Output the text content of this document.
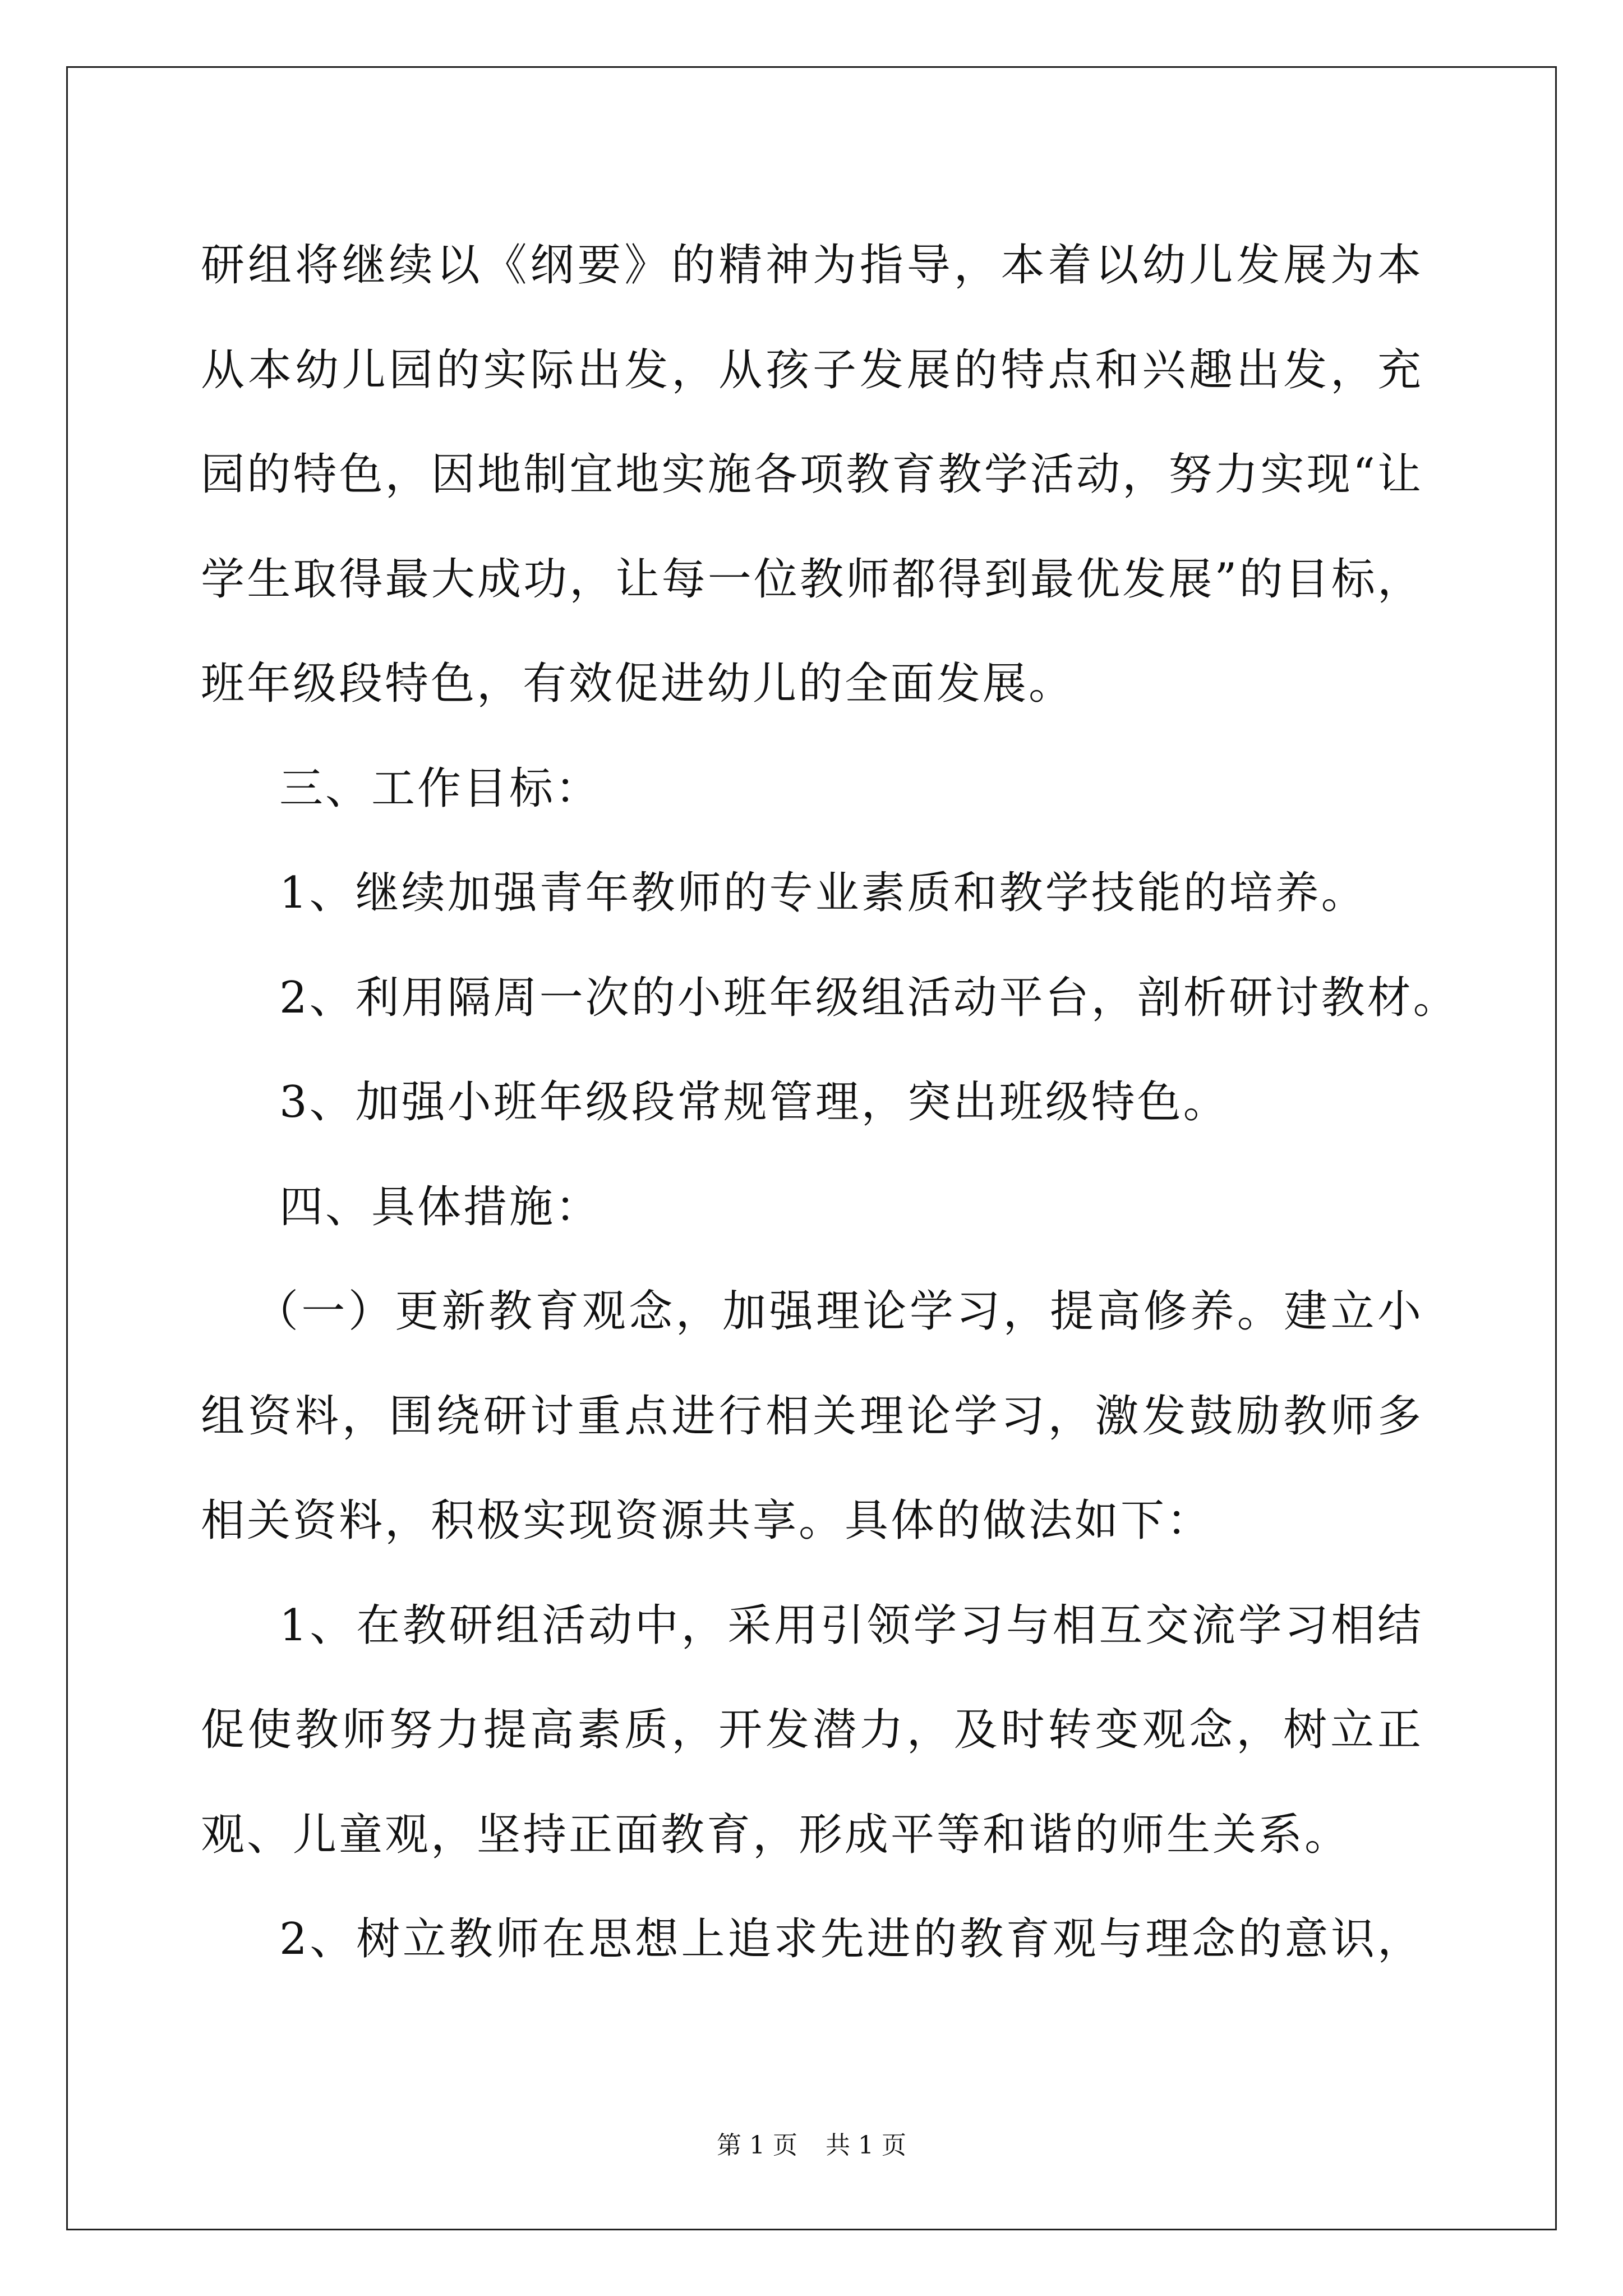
研组将继续以《纲要》的精神为指导，本着以幼儿发展为本
从本幼儿园的实际出发，从孩子发展的特点和兴趣出发，充
园的特色，因地制宜地实施各项教育教学活动，努力实现“让
学生取得最大成功，让每一位教师都得到最优发展”的目标，
班年级段特色，有效促进幼儿的全面发展。
三、工作目标：
1、继续加强青年教师的专业素质和教学技能的培养。
2、利用隔周一次的小班年级组活动平台，剖析研讨教材。
3、加强小班年级段常规管理，突出班级特色。
四、具体措施：
（一）更新教育观念，加强理论学习，提高修养。建立小
组资料，围绕研讨重点进行相关理论学习，激发鼓励教师多
相关资料，积极实现资源共享。具体的做法如下：
1、在教研组活动中，采用引领学习与相互交流学习相结
促使教师努力提高素质，开发潜力，及时转变观念，树立正
观、儿童观，坚持正面教育，形成平等和谐的师生关系。
2、树立教师在思想上追求先进的教育观与理念的意识，
第 1 页 共 1 页
